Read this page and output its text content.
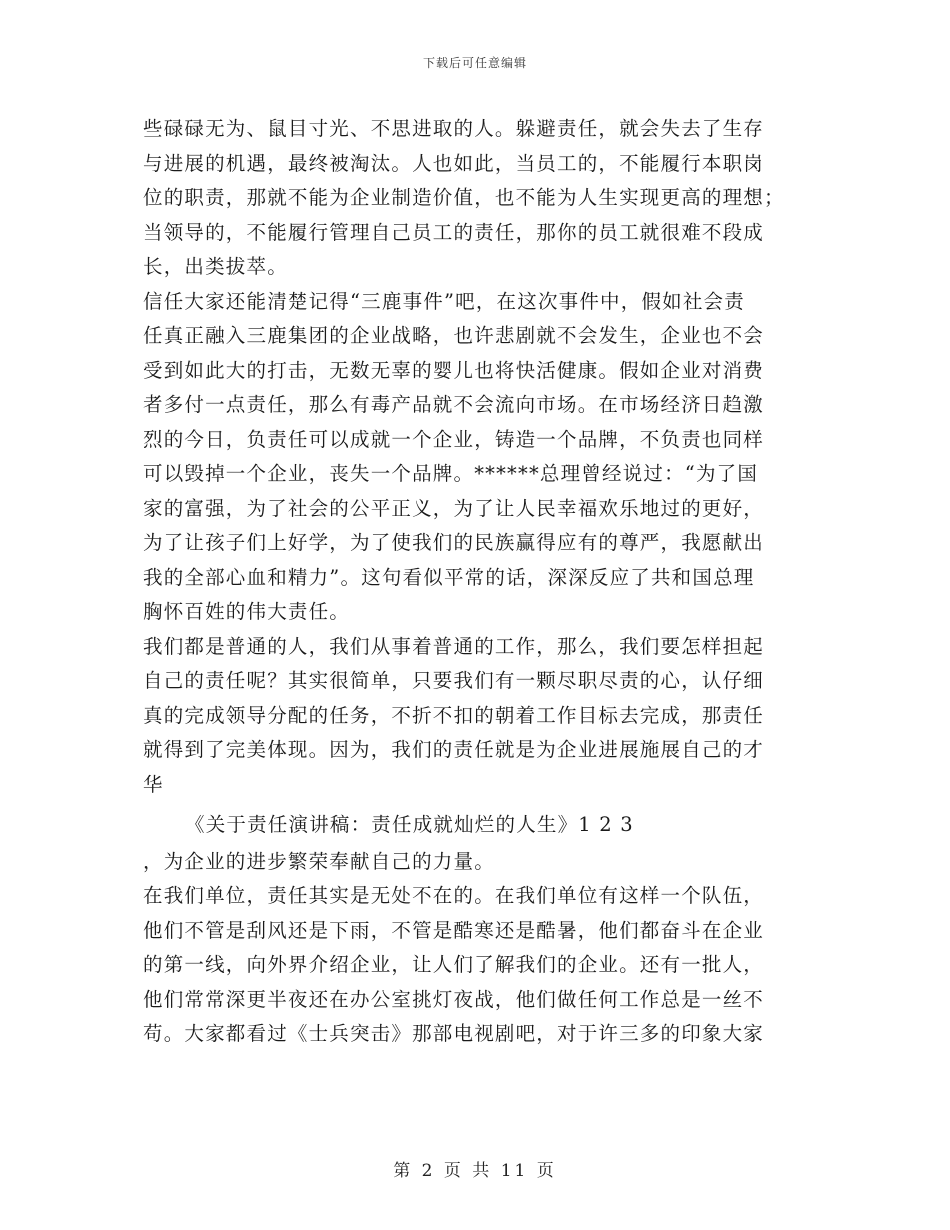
下载后可任意编辑
些碌碌无为、鼠目寸光、不思进取的人。躲避责任，就会失去了生存
与进展的机遇，最终被淘汰。人也如此，当员工的，不能履行本职岗
位的职责，那就不能为企业制造价值，也不能为人生实现更高的理想；
当领导的，不能履行管理自己员工的责任，那你的员工就很难不段成
长，出类拔萃。
信任大家还能清楚记得“三鹿事件”吧，在这次事件中，假如社会责
任真正融入三鹿集团的企业战略，也许悲剧就不会发生，企业也不会
受到如此大的打击，无数无辜的婴儿也将快活健康。假如企业对消费
者多付一点责任，那么有毒产品就不会流向市场。在市场经济日趋激
烈的今日，负责任可以成就一个企业，铸造一个品牌，不负责也同样
可以毁掉一个企业，丧失一个品牌。******总理曾经说过：“为了国
家的富强，为了社会的公平正义，为了让人民幸福欢乐地过的更好，
为了让孩子们上好学，为了使我们的民族赢得应有的尊严，我愿献出
我的全部心血和精力”。这句看似平常的话，深深反应了共和国总理
胸怀百姓的伟大责任。
我们都是普通的人，我们从事着普通的工作，那么，我们要怎样担起
自己的责任呢？其实很简单，只要我们有一颗尽职尽责的心，认仔细
真的完成领导分配的任务，不折不扣的朝着工作目标去完成，那责任
就得到了完美体现。因为，我们的责任就是为企业进展施展自己的才
华
《关于责任演讲稿：责任成就灿烂的人生》1 2 3
，为企业的进步繁荣奉献自己的力量。
在我们单位，责任其实是无处不在的。在我们单位有这样一个队伍，
他们不管是刮风还是下雨，不管是酷寒还是酷暑，他们都奋斗在企业
的第一线，向外界介绍企业，让人们了解我们的企业。还有一批人，
他们常常深更半夜还在办公室挑灯夜战，他们做任何工作总是一丝不
苟。大家都看过《士兵突击》那部电视剧吧，对于许三多的印象大家
第 2 页 共 11 页
